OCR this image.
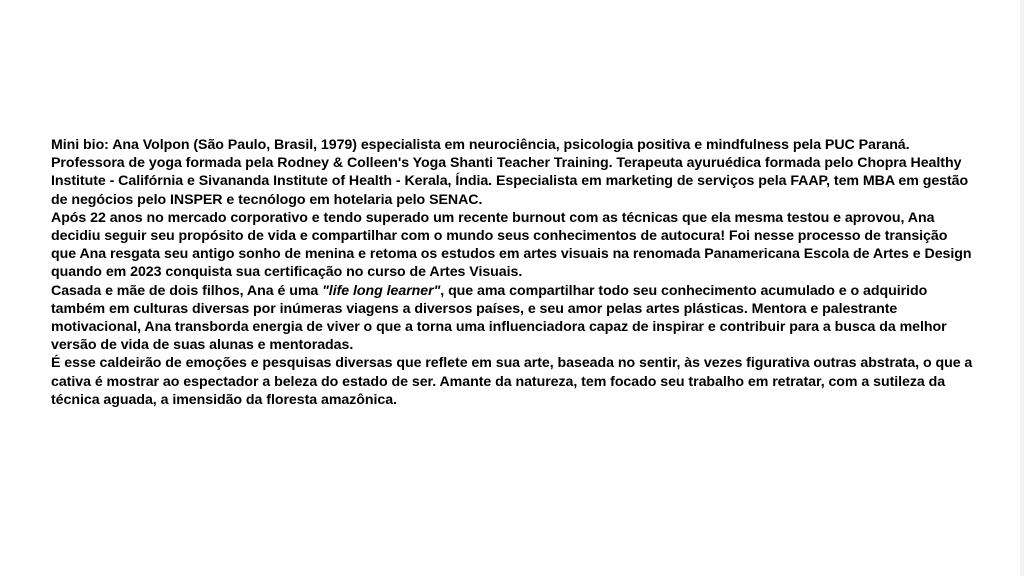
Mini bio: Ana Volpon (São Paulo, Brasil, 1979) especialista em neurociência, psicologia positiva e mindfulness pela PUC Paraná. Professora de yoga formada pela Rodney & Colleen's Yoga Shanti Teacher Training. Terapeuta ayuruédica formada pelo Chopra Healthy Institute - Califórnia e Sivananda Institute of Health - Kerala, Índia. Especialista em marketing de serviços pela FAAP, tem MBA em gestão de negócios pelo INSPER e tecnólogo em hotelaria pelo SENAC.

Após 22 anos no mercado corporativo e tendo superado um recente burnout com as técnicas que ela mesma testou e aprovou, Ana decidiu seguir seu propósito de vida e compartilhar com o mundo seus conhecimentos de autocura! Foi nesse processo de transição que Ana resgata seu antigo sonho de menina e retoma os estudos em artes visuais na renomada Panamericana Escola de Artes e Design quando em 2023 conquista sua certificação no curso de Artes Visuais.

Casada e mãe de dois filhos, Ana é uma "life long learner", que ama compartilhar todo seu conhecimento acumulado e o adquirido também em culturas diversas por inúmeras viagens a diversos países, e seu amor pelas artes plásticas. Mentora e palestrante motivacional, Ana transborda energia de viver o que a torna uma influenciadora capaz de inspirar e contribuir para a busca da melhor versão de vida de suas alunas e mentoradas.

É esse caldeirão de emoções e pesquisas diversas que reflete em sua arte, baseada no sentir, às vezes figurativa outras abstrata, o que a cativa é mostrar ao espectador a beleza do estado de ser. Amante da natureza, tem focado seu trabalho em retratar, com a sutileza da técnica aguada, a imensidão da floresta amazônica.
